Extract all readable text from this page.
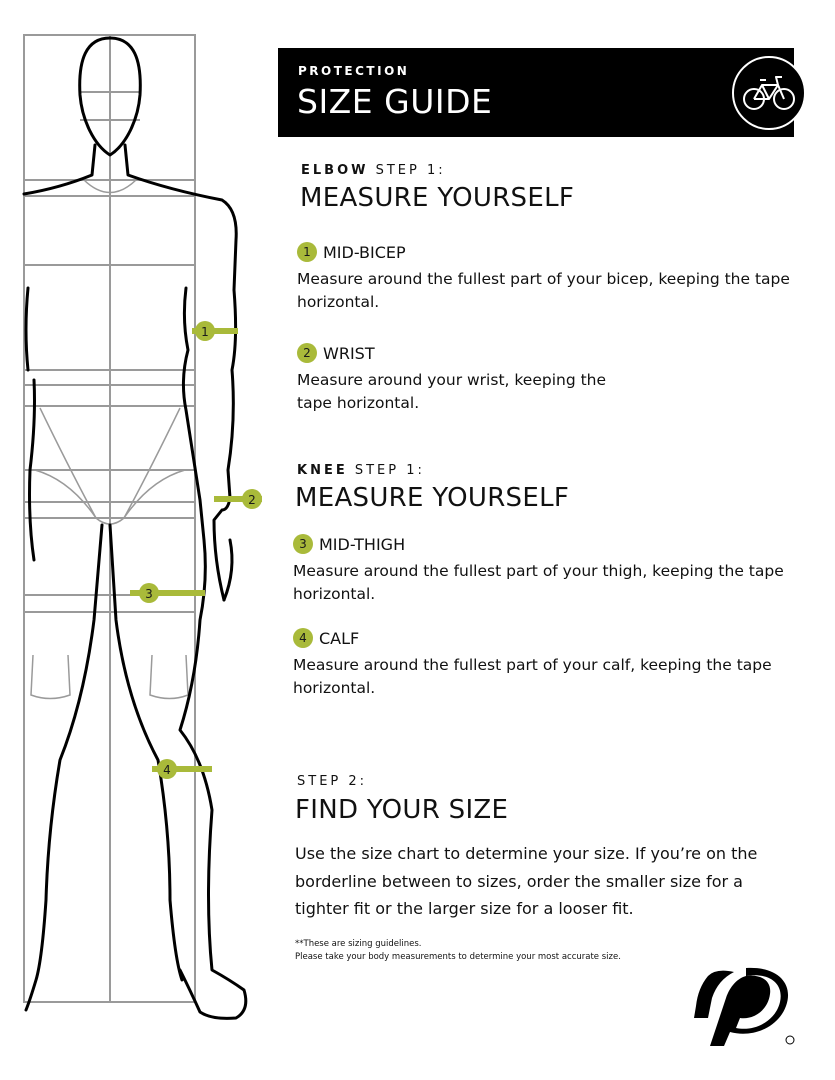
1
2
3
4
PROTECTION
SIZE GUIDE
ELBOW STEP 1:
MEASURE YOURSELF
1 MID-BICEP
Measure around the fullest part of your bicep, keeping the tape horizontal.
2 WRIST
Measure around your wrist, keeping the tape horizontal.
KNEE STEP 1:
MEASURE YOURSELF
3 MID-THIGH
Measure around the fullest part of your thigh, keeping the tape horizontal.
4 CALF
Measure around the fullest part of your calf, keeping the tape horizontal.
STEP 2:
FIND YOUR SIZE
Use the size chart to determine your size. If you’re on the borderline between to sizes, order the smaller size for a tighter fit or the larger size for a looser fit.
**These are sizing guidelines.
Please take your body measurements to determine your most accurate size.
